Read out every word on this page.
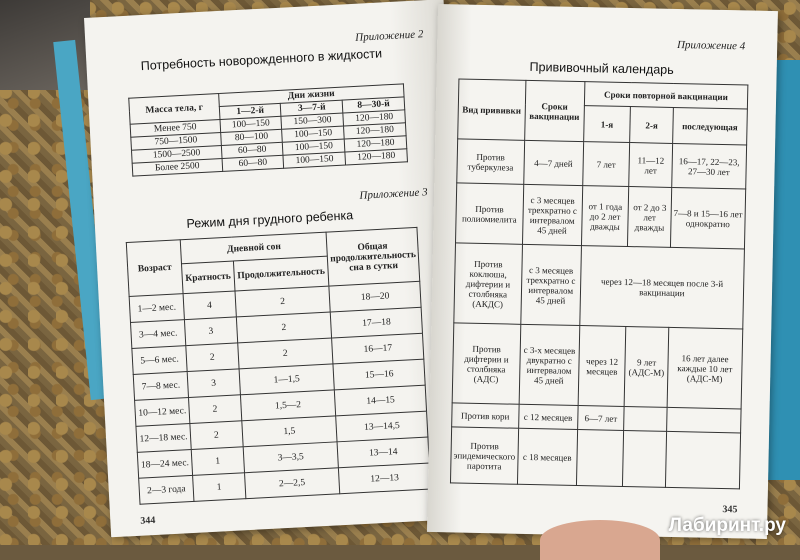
Приложение 2
Потребность новорожденного в жидкости
Масса тела, г	Дни жизни		
	1—2-й	3—7-й	8—30-й
Менее 750	100—150	150—300	120—180
750—1500	80—100	100—150	120—180
1500—2500	60—80	100—150	120—180
Более 2500	60—80	100—150	120—180
Приложение 3
Режим дня грудного ребенка
Возраст	Дневной сон		Общая продолжительность сна в сутки
	Кратность	Продолжительность	
1—2 мес.	4	2	18—20
3—4 мес.	3	2	17—18
5—6 мес.	2	2	16—17
7—8 мес.	3	1—1,5	15—16
10—12 мес.	2	1,5—2	14—15
12—18 мес.	2	1,5	13—14,5
18—24 мес.	1	3—3,5	13—14
2—3 года	1	2—2,5	12—13
344
Приложение 4
Прививочный календарь
Вид прививки	Сроки вакцинации	Сроки повторной вакцинации		
		1-я	2-я	последующая
Против туберкулеза	4—7 дней	7 лет	11—12 лет	16—17, 22—23, 27—30 лет
Против полиомиелита	с 3 месяцев трехкратно с интервалом 45 дней	от 1 года до 2 лет дважды	от 2 до 3 лет дважды	7—8 и 15—16 лет однократно
Против коклюша, дифтерии и столбняка (АКДС)	с 3 месяцев трехкратно с интервалом 45 дней	через 12—18 месяцев после 3-й вакцинации		
Против дифтерии и столбняка (АДС)	с 3-х месяцев двукратно с интервалом 45 дней	через 12 месяцев	9 лет (АДС-М)	16 лет далее каждые 10 лет (АДС-М)
Против кори	с 12 месяцев	6—7 лет		
Против эпидемического паротита	с 18 месяцев			
345
Лабиринт.ру
